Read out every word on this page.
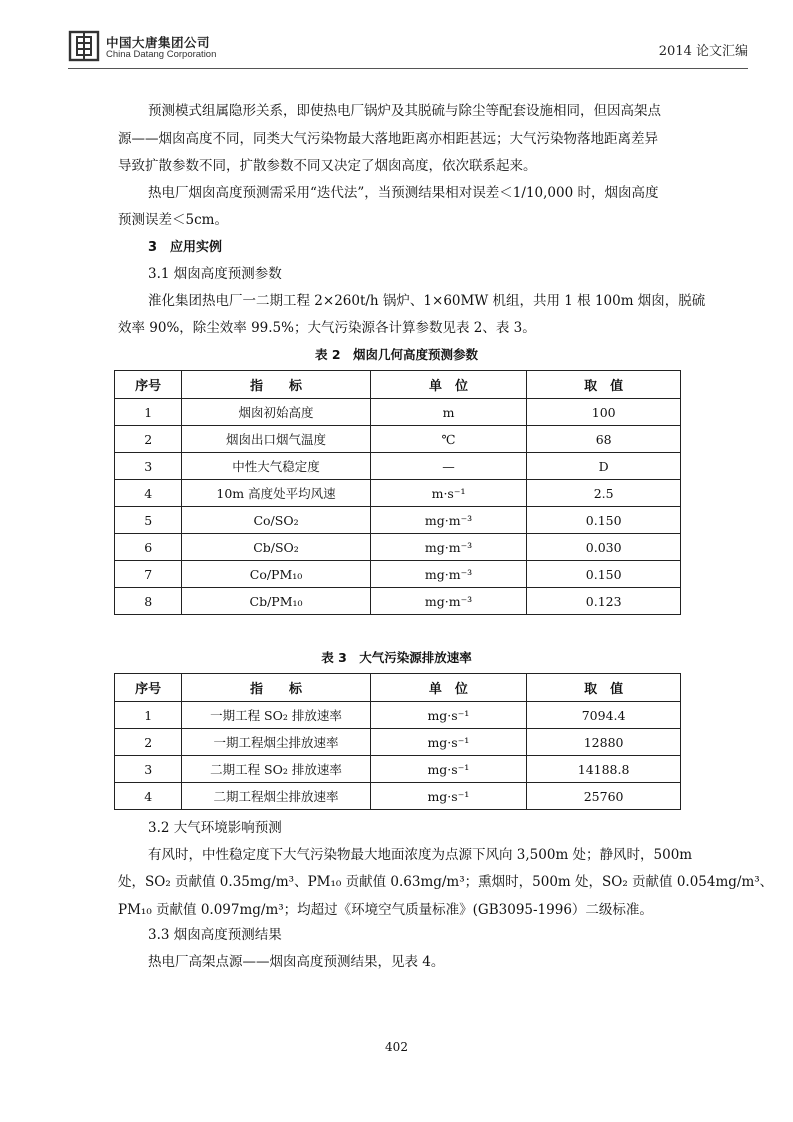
中国大唐集团公司
China Datang Corporation	2014 论文汇编
预测模式组属隐形关系，即使热电厂锅炉及其脱硫与除尘等配套设施相同，但因高架点
源——烟囱高度不同，同类大气污染物最大落地距离亦相距甚远；大气污染物落地距离差异
导致扩散参数不同，扩散参数不同又决定了烟囱高度，依次联系起来。
热电厂烟囱高度预测需采用“迭代法”，当预测结果相对误差＜1/10,000 时，烟囱高度
预测误差＜5cm。
3　应用实例
3.1 烟囱高度预测参数
淮化集团热电厂一二期工程 2×260t/h 锅炉、1×60MW 机组，共用 1 根 100m 烟囱，脱硫
效率 90%，除尘效率 99.5%；大气污染源各计算参数见表 2、表 3。
表 2　烟囱几何高度预测参数
序号	指　　标	单　位	取　值
1	烟囱初始高度	m	100
2	烟囱出口烟气温度	℃	68
3	中性大气稳定度	—	D
4	10m 高度处平均风速	m·s⁻¹	2.5
5	Co/SO₂	mg·m⁻³	0.150
6	Cb/SO₂	mg·m⁻³	0.030
7	Co/PM₁₀	mg·m⁻³	0.150
8	Cb/PM₁₀	mg·m⁻³	0.123
表 3　大气污染源排放速率
序号	指　　标	单　位	取　值
1	一期工程 SO₂ 排放速率	mg·s⁻¹	7094.4
2	一期工程烟尘排放速率	mg·s⁻¹	12880
3	二期工程 SO₂ 排放速率	mg·s⁻¹	14188.8
4	二期工程烟尘排放速率	mg·s⁻¹	25760
3.2 大气环境影响预测
有风时，中性稳定度下大气污染物最大地面浓度为点源下风向 3,500m 处；静风时，500m
处，SO₂ 贡献值 0.35mg/m³、PM₁₀ 贡献值 0.63mg/m³；熏烟时，500m 处，SO₂ 贡献值 0.054mg/m³、
PM₁₀ 贡献值 0.097mg/m³；均超过《环境空气质量标准》(GB3095-1996）二级标准。
3.3 烟囱高度预测结果
热电厂高架点源——烟囱高度预测结果，见表 4。
402
